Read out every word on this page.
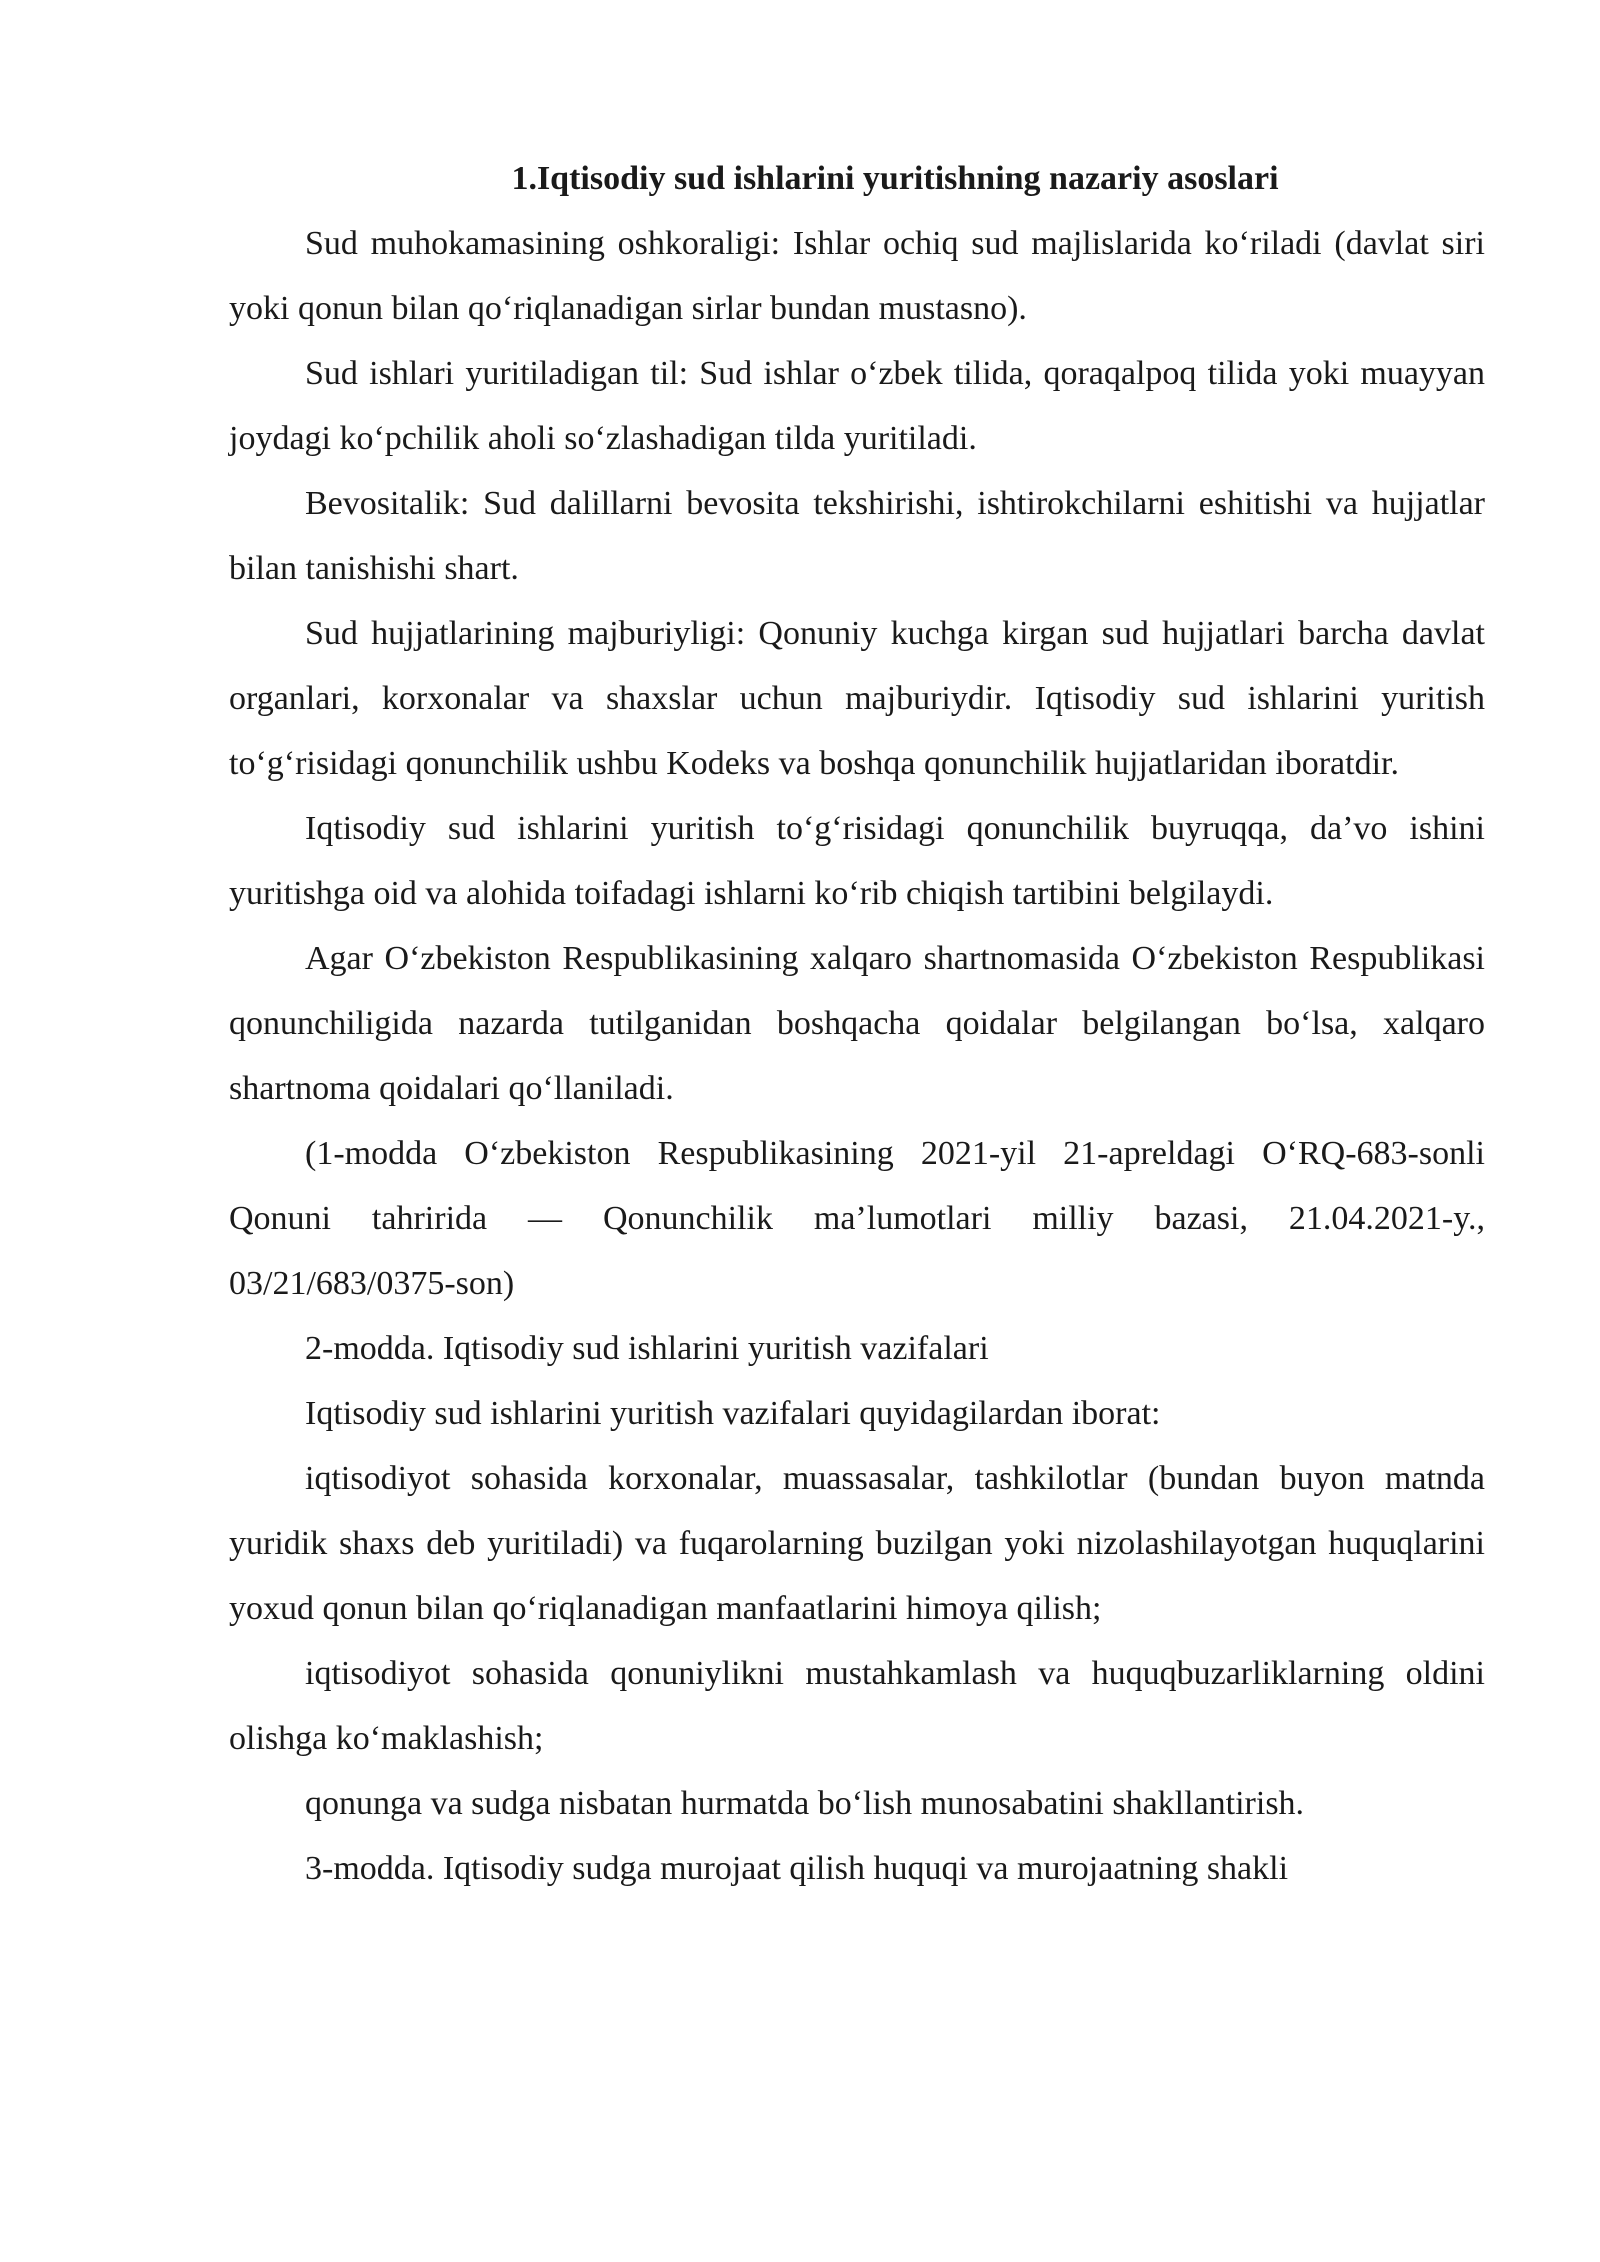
1.Iqtisodiy sud ishlarini yuritishning nazariy asoslari

Sud muhokamasining oshkoraligi: Ishlar ochiq sud majlislarida ko‘riladi (davlat siri yoki qonun bilan qo‘riqlanadigan sirlar bundan mustasno).

Sud ishlari yuritiladigan til: Sud ishlar o‘zbek tilida, qoraqalpoq tilida yoki muayyan joydagi ko‘pchilik aholi so‘zlashadigan tilda yuritiladi.

Bevositalik: Sud dalillarni bevosita tekshirishi, ishtirokchilarni eshitishi va hujjatlar bilan tanishishi shart.

Sud hujjatlarining majburiyligi: Qonuniy kuchga kirgan sud hujjatlari barcha davlat organlari, korxonalar va shaxslar uchun majburiydir. Iqtisodiy sud ishlarini yuritish to‘g‘risidagi qonunchilik ushbu Kodeks va boshqa qonunchilik hujjatlaridan iboratdir.

Iqtisodiy sud ishlarini yuritish to‘g‘risidagi qonunchilik buyruqqa, da’vo ishini yuritishga oid va alohida toifadagi ishlarni ko‘rib chiqish tartibini belgilaydi.

Agar O‘zbekiston Respublikasining xalqaro shartnomasida O‘zbekiston Respublikasi qonunchiligida nazarda tutilganidan boshqacha qoidalar belgilangan bo‘lsa, xalqaro shartnoma qoidalari qo‘llaniladi.

(1-modda O‘zbekiston Respublikasining 2021-yil 21-apreldagi O‘RQ-683-sonli Qonuni tahririda — Qonunchilik ma’lumotlari milliy bazasi, 21.04.2021-y., 03/21/683/0375-son)

2-modda. Iqtisodiy sud ishlarini yuritish vazifalari

Iqtisodiy sud ishlarini yuritish vazifalari quyidagilardan iborat:

iqtisodiyot sohasida korxonalar, muassasalar, tashkilotlar (bundan buyon matnda yuridik shaxs deb yuritiladi) va fuqarolarning buzilgan yoki nizolashilayotgan huquqlarini yoxud qonun bilan qo‘riqlanadigan manfaatlarini himoya qilish;

iqtisodiyot sohasida qonuniylikni mustahkamlash va huquqbuzarliklarning oldini olishga ko‘maklashish;

qonunga va sudga nisbatan hurmatda bo‘lish munosabatini shakllantirish.

3-modda. Iqtisodiy sudga murojaat qilish huquqi va murojaatning shakli
